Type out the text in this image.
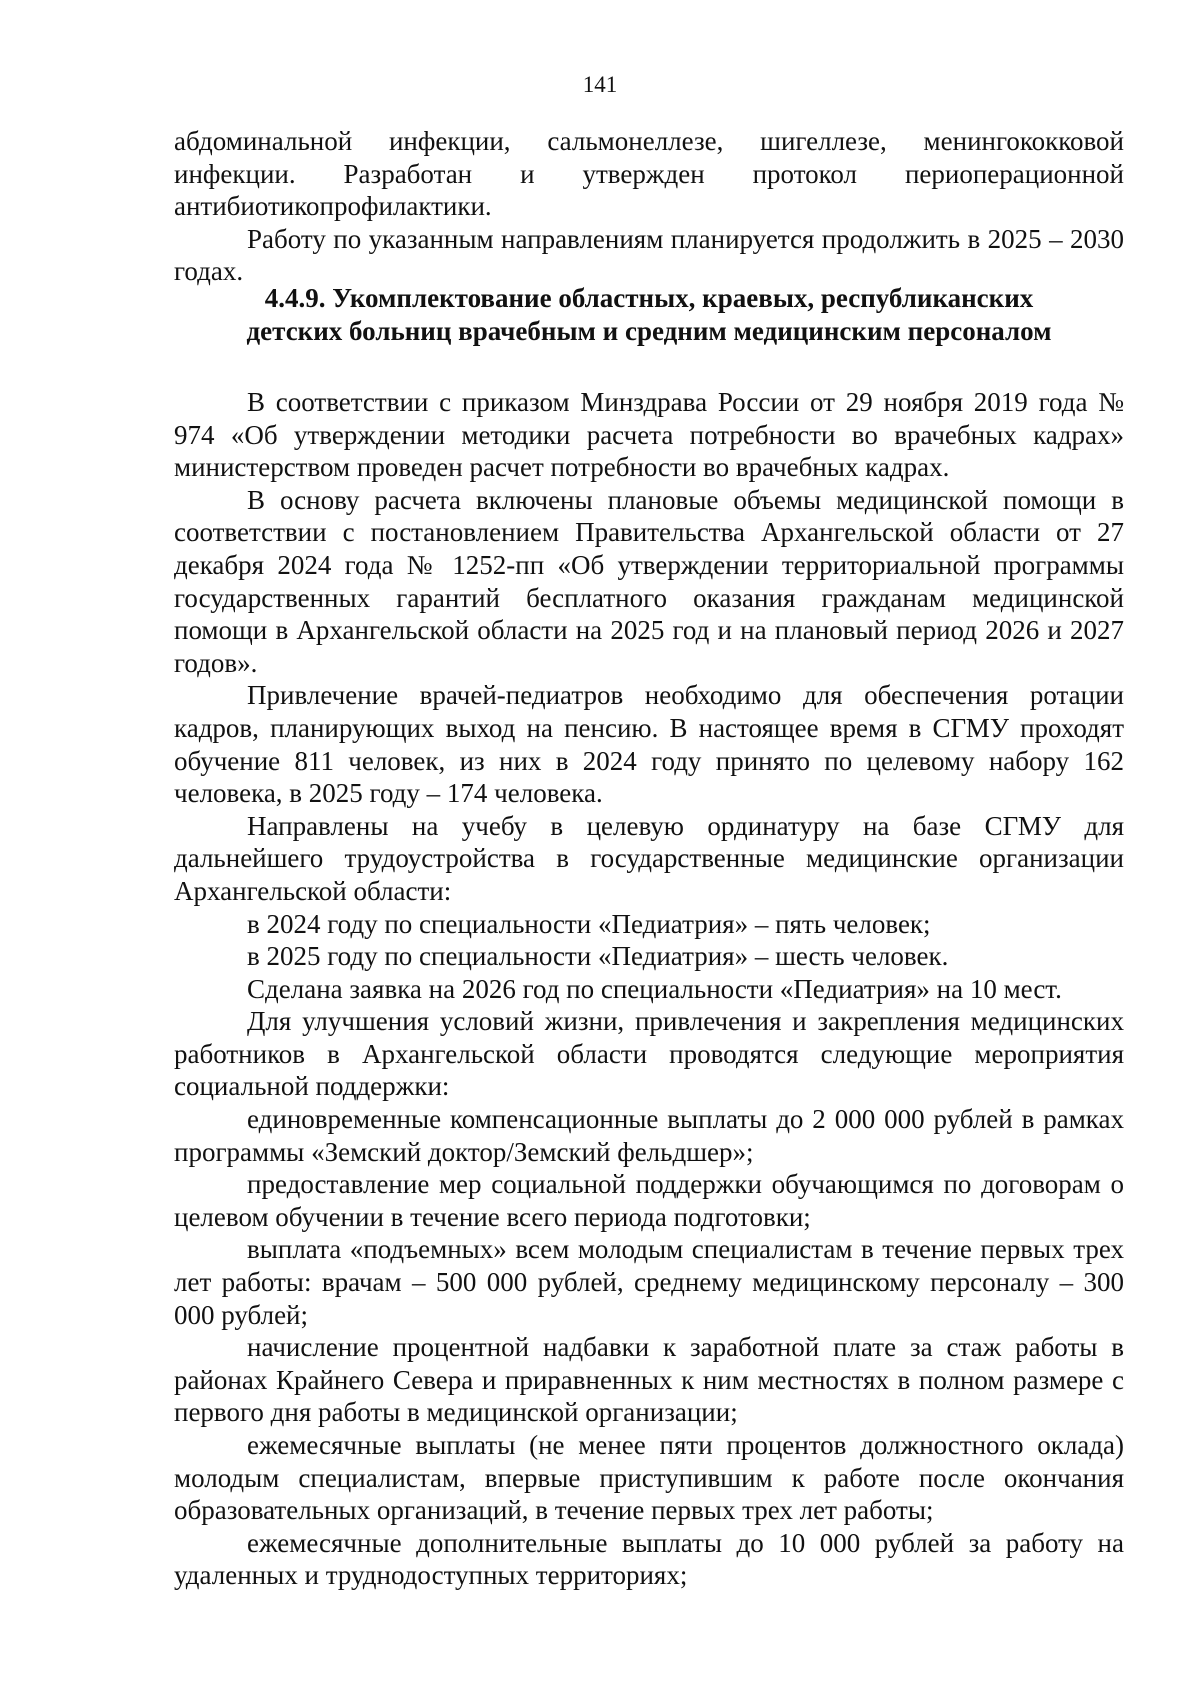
141

абдоминальной инфекции, сальмонеллезе, шигеллезе, менингококковой инфекции. Разработан и утвержден протокол периоперационной антибиотикопрофилактики.

Работу по указанным направлениям планируется продолжить в 2025 – 2030 годах.

4.4.9. Укомплектование областных, краевых, республиканских
детских больниц врачебным и средним медицинским персоналом

В соответствии с приказом Минздрава России от 29 ноября 2019 года № 974 «Об утверждении методики расчета потребности во врачебных кадрах» министерством проведен расчет потребности во врачебных кадрах.

В основу расчета включены плановые объемы медицинской помощи в соответствии с постановлением Правительства Архангельской области от 27 декабря 2024 года № 1252-пп «Об утверждении территориальной программы государственных гарантий бесплатного оказания гражданам медицинской помощи в Архангельской области на 2025 год и на плановый период 2026 и 2027 годов».

Привлечение врачей-педиатров необходимо для обеспечения ротации кадров, планирующих выход на пенсию. В настоящее время в СГМУ проходят обучение 811 человек, из них в 2024 году принято по целевому набору 162 человека, в 2025 году – 174 человека.

Направлены на учебу в целевую ординатуру на базе СГМУ для дальнейшего трудоустройства в государственные медицинские организации Архангельской области:

в 2024 году по специальности «Педиатрия» – пять человек;

в 2025 году по специальности «Педиатрия» – шесть человек.

Сделана заявка на 2026 год по специальности «Педиатрия» на 10 мест.

Для улучшения условий жизни, привлечения и закрепления медицинских работников в Архангельской области проводятся следующие мероприятия социальной поддержки:

единовременные компенсационные выплаты до 2 000 000 рублей в рамках программы «Земский доктор/Земский фельдшер»;

предоставление мер социальной поддержки обучающимся по договорам о целевом обучении в течение всего периода подготовки;

выплата «подъемных» всем молодым специалистам в течение первых трех лет работы: врачам – 500 000 рублей, среднему медицинскому персоналу – 300 000 рублей;

начисление процентной надбавки к заработной плате за стаж работы в районах Крайнего Севера и приравненных к ним местностях в полном размере с первого дня работы в медицинской организации;

ежемесячные выплаты (не менее пяти процентов должностного оклада) молодым специалистам, впервые приступившим к работе после окончания образовательных организаций, в течение первых трех лет работы;

ежемесячные дополнительные выплаты до 10 000 рублей за работу на удаленных и труднодоступных территориях;
